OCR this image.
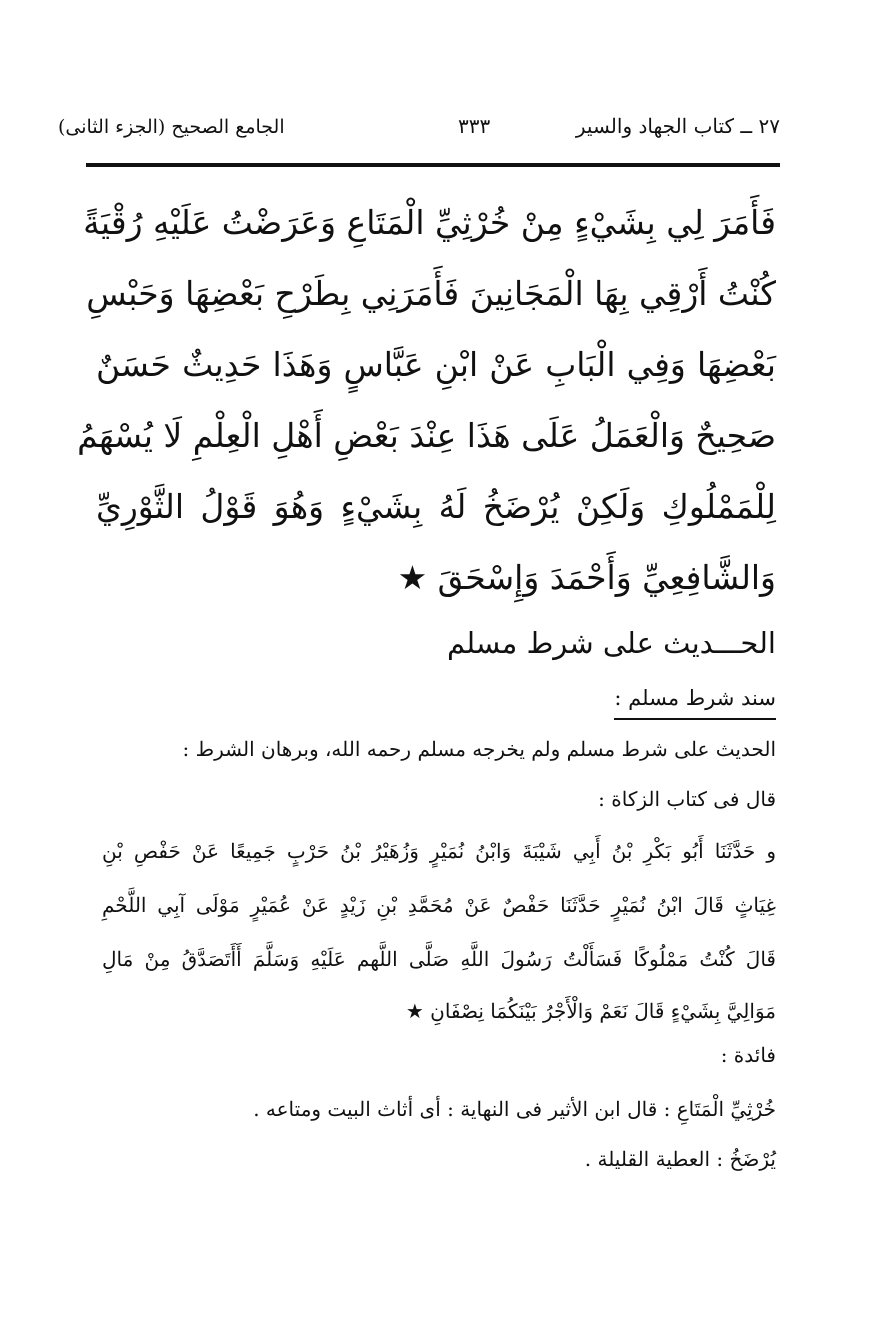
٢٧ ــ كتاب الجهاد والسير
٣٣٣
الجامع الصحيح (الجزء الثانى)
فَأَمَرَ لِي بِشَيْءٍ مِنْ خُرْثِيِّ الْمَتَاعِ وَعَرَضْتُ عَلَيْهِ رُقْيَةً
كُنْتُ أَرْقِي بِهَا الْمَجَانِينَ فَأَمَرَنِي بِطَرْحِ بَعْضِهَا وَحَبْسِ
بَعْضِهَا وَفِي الْبَابِ عَنْ ابْنِ عَبَّاسٍ وَهَذَا حَدِيثٌ حَسَنٌ
صَحِيحٌ وَالْعَمَلُ عَلَى هَذَا عِنْدَ بَعْضِ أَهْلِ الْعِلْمِ لَا يُسْهَمُ
لِلْمَمْلُوكِ وَلَكِنْ يُرْضَخُ لَهُ بِشَيْءٍ وَهُوَ قَوْلُ الثَّوْرِيِّ
وَالشَّافِعِيِّ وَأَحْمَدَ وَإِسْحَقَ ★
الحـــديث على شرط مسلم
سند شرط مسلم :
الحديث على شرط مسلم ولم يخرجه مسلم رحمه الله، وبرهان الشرط :
قال فى كتاب الزكاة :
و حَدَّثَنَا أَبُو بَكْرِ بْنُ أَبِي شَيْبَةَ وَابْنُ نُمَيْرٍ وَزُهَيْرُ بْنُ حَرْبٍ جَمِيعًا عَنْ حَفْصِ بْنِ
غِيَاثٍ قَالَ ابْنُ نُمَيْرٍ حَدَّثَنَا حَفْصٌ عَنْ مُحَمَّدِ بْنِ زَيْدٍ عَنْ عُمَيْرٍ مَوْلَى آبِي اللَّحْمِ
قَالَ كُنْتُ مَمْلُوكًا فَسَأَلْتُ رَسُولَ اللَّهِ صَلَّى اللَّهم عَلَيْهِ وَسَلَّمَ أَأَتَصَدَّقُ مِنْ مَالِ
مَوَالِيَّ بِشَيْءٍ قَالَ نَعَمْ وَالْأَجْرُ بَيْنَكُمَا نِصْفَانِ ★
فائدة :
خُرْثِيِّ الْمَتَاعِ : قال ابن الأثير فى النهاية : أى أثاث البيت ومتاعه .
يُرْضَخُ : العطية القليلة .
